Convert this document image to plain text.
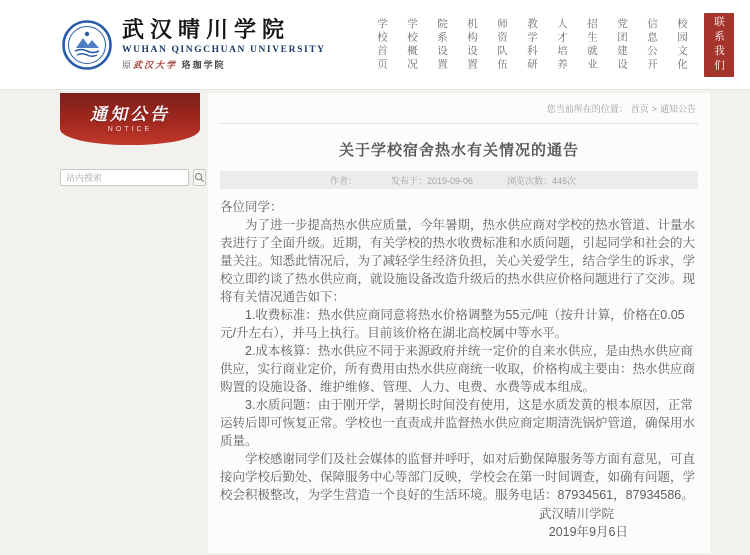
武汉晴川学院
WUHAN QINGCHUAN UNIVERSITY
原武汉大学 珞珈学院	学校首页 学校概况 院系设置 机构设置 师资队伍 教学科研 人才培养 招生就业 党团建设 信息公开 校园文化	联系我们
通知公告
NOTICE
站内搜索
您当前所在的位置： 首页 > 通知公告
关于学校宿舍热水有关情况的通告
作者：	发布于：2019-09-06	浏览次数：446次

各位同学：

为了进一步提高热水供应质量，今年暑期，热水供应商对学校的热水管道、计量水表进行了全面升级。近期，有关学校的热水收费标准和水质问题，引起同学和社会的大量关注。知悉此情况后，为了减轻学生经济负担，关心关爱学生，结合学生的诉求，学校立即约谈了热水供应商，就设施设备改造升级后的热水供应价格问题进行了交涉。现将有关情况通告如下：

1.收费标准：热水供应商同意将热水价格调整为55元/吨（按升计算，价格在0.05元/升左右），并马上执行。目前该价格在湖北高校属中等水平。

2.成本核算：热水供应不同于来源政府并统一定价的自来水供应，是由热水供应商供应，实行商业定价，所有费用由热水供应商统一收取，价格构成主要由：热水供应商购置的设施设备、维护维修、管理、人力、电费、水费等成本组成。

3.水质问题：由于刚开学，暑期长时间没有使用，这是水质发黄的根本原因，正常运转后即可恢复正常。学校也一直责成并监督热水供应商定期清洗锅炉管道，确保用水质量。

学校感谢同学们及社会媒体的监督并呼吁，如对后勤保障服务等方面有意见，可直接向学校后勤处、保障服务中心等部门反映，学校会在第一时间调查，如确有问题，学校会积极整改，为学生营造一个良好的生活环境。服务电话：87934561，87934586。

武汉晴川学院
2019年9月6日
